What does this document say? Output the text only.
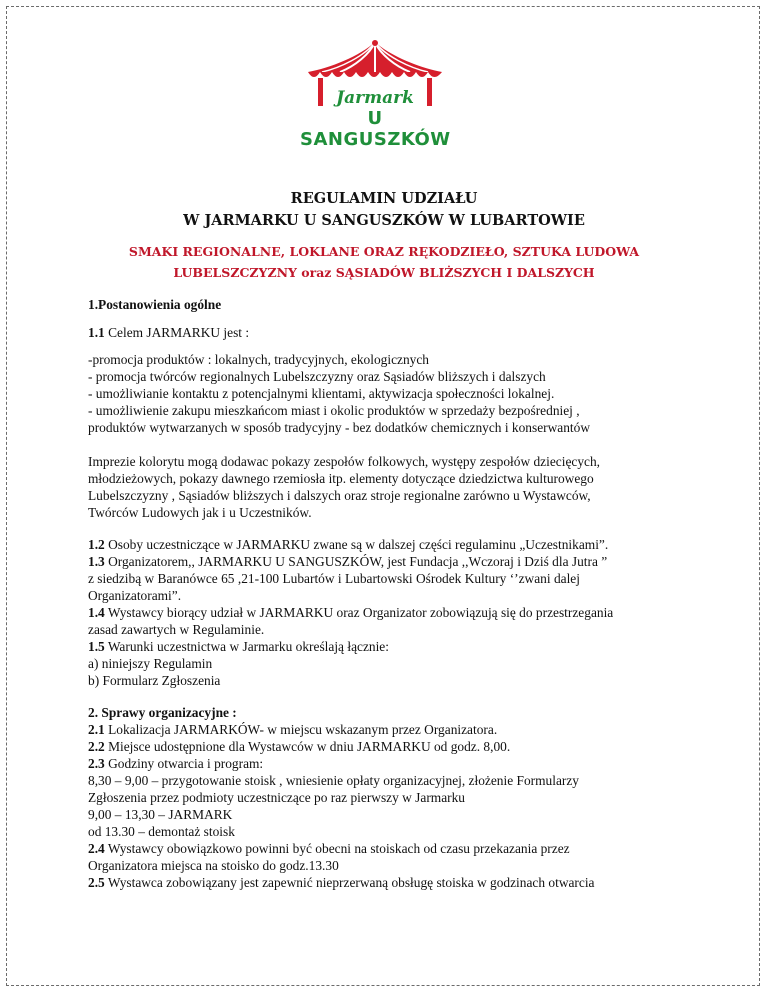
Jarmark
U SANGUSZKÓW
REGULAMIN UDZIAŁU
W JARMARKU U SANGUSZKÓW W LUBARTOWIE
SMAKI REGIONALNE, LOKLANE ORAZ RĘKODZIEŁO, SZTUKA LUDOWA
LUBELSZCZYZNY oraz SĄSIADÓW BLIŻSZYCH I DALSZYCH
1.Postanowienia ogólne
1.1 Celem JARMARKU jest :
-promocja produktów : lokalnych, tradycyjnych, ekologicznych
- promocja twórców regionalnych Lubelszczyzny oraz Sąsiadów bliższych i dalszych
- umożliwianie kontaktu z potencjalnymi klientami, aktywizacja społeczności lokalnej.
- umożliwienie zakupu mieszkańcom miast i okolic produktów w sprzedaży bezpośredniej ,
produktów wytwarzanych w sposób tradycyjny - bez dodatków chemicznych i konserwantów
Imprezie kolorytu mogą dodawac pokazy zespołów folkowych, występy zespołów dziecięcych,
młodzieżowych, pokazy dawnego rzemiosła itp. elementy dotyczące dziedzictwa kulturowego
Lubelszczyzny , Sąsiadów bliższych i dalszych oraz stroje regionalne zarówno u Wystawców,
Twórców Ludowych jak i u Uczestników.
1.2 Osoby uczestniczące w JARMARKU zwane są w dalszej części regulaminu „Uczestnikami”.
1.3 Organizatorem,, JARMARKU U SANGUSZKÓW, jest Fundacja ,,Wczoraj i Dziś dla Jutra ”
z siedzibą w Baranówce 65 ,21-100 Lubartów i Lubartowski Ośrodek Kultury ‘’zwani dalej
Organizatorami”.
1.4 Wystawcy biorący udział w JARMARKU oraz Organizator zobowiązują się do przestrzegania
zasad zawartych w Regulaminie.
1.5 Warunki uczestnictwa w Jarmarku określają łącznie:
a) niniejszy Regulamin
b) Formularz Zgłoszenia
2. Sprawy organizacyjne :
2.1 Lokalizacja JARMARKÓW- w miejscu wskazanym przez Organizatora.
2.2 Miejsce udostępnione dla Wystawców w dniu JARMARKU od godz. 8,00.
2.3 Godziny otwarcia i program:
8,30 – 9,00 – przygotowanie stoisk , wniesienie opłaty organizacyjnej, złożenie Formularzy
Zgłoszenia przez podmioty uczestniczące po raz pierwszy w Jarmarku
9,00 – 13,30 – JARMARK
od 13.30 – demontaż stoisk
2.4 Wystawcy obowiązkowo powinni być obecni na stoiskach od czasu przekazania przez
Organizatora miejsca na stoisko do godz.13.30
2.5 Wystawca zobowiązany jest zapewnić nieprzerwaną obsługę stoiska w godzinach otwarcia
